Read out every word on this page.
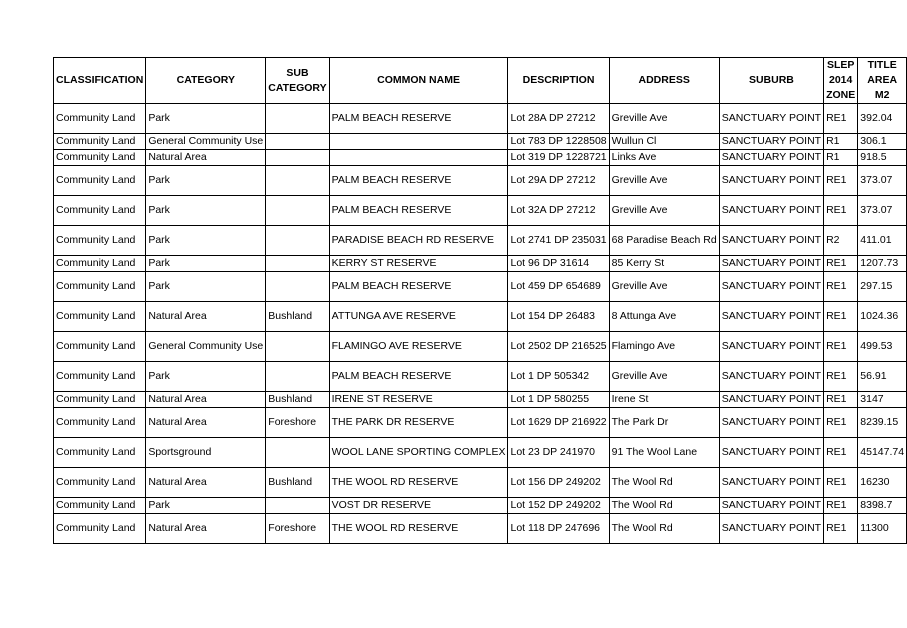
CLASSIFICATION	CATEGORY	SUB CATEGORY	COMMON NAME	DESCRIPTION	ADDRESS	SUBURB	SLEP 2014 ZONE	TITLE AREA M2
Community Land	Park		PALM BEACH RESERVE	Lot 28A DP 27212	Greville Ave	SANCTUARY POINT	RE1	392.04
Community Land	General Community Use			Lot 783 DP 1228508	Wullun Cl	SANCTUARY POINT	R1	306.1
Community Land	Natural Area			Lot 319 DP 1228721	Links Ave	SANCTUARY POINT	R1	918.5
Community Land	Park		PALM BEACH RESERVE	Lot 29A DP 27212	Greville Ave	SANCTUARY POINT	RE1	373.07
Community Land	Park		PALM BEACH RESERVE	Lot 32A DP 27212	Greville Ave	SANCTUARY POINT	RE1	373.07
Community Land	Park		PARADISE BEACH RD RESERVE	Lot 2741 DP 235031	68 Paradise Beach Rd	SANCTUARY POINT	R2	411.01
Community Land	Park		KERRY ST RESERVE	Lot 96 DP 31614	85 Kerry St	SANCTUARY POINT	RE1	1207.73
Community Land	Park		PALM BEACH RESERVE	Lot 459 DP 654689	Greville Ave	SANCTUARY POINT	RE1	297.15
Community Land	Natural Area	Bushland	ATTUNGA AVE RESERVE	Lot 154 DP 26483	8 Attunga Ave	SANCTUARY POINT	RE1	1024.36
Community Land	General Community Use		FLAMINGO AVE RESERVE	Lot 2502 DP 216525	Flamingo Ave	SANCTUARY POINT	RE1	499.53
Community Land	Park		PALM BEACH RESERVE	Lot 1 DP 505342	Greville Ave	SANCTUARY POINT	RE1	56.91
Community Land	Natural Area	Bushland	IRENE ST RESERVE	Lot 1 DP 580255	Irene St	SANCTUARY POINT	RE1	3147
Community Land	Natural Area	Foreshore	THE PARK DR RESERVE	Lot 1629 DP 216922	The Park Dr	SANCTUARY POINT	RE1	8239.15
Community Land	Sportsground		WOOL LANE SPORTING COMPLEX	Lot 23 DP 241970	91 The Wool Lane	SANCTUARY POINT	RE1	45147.74
Community Land	Natural Area	Bushland	THE WOOL RD RESERVE	Lot 156 DP 249202	The Wool Rd	SANCTUARY POINT	RE1	16230
Community Land	Park		VOST DR RESERVE	Lot 152 DP 249202	The Wool Rd	SANCTUARY POINT	RE1	8398.7
Community Land	Natural Area	Foreshore	THE WOOL RD RESERVE	Lot 118 DP 247696	The Wool Rd	SANCTUARY POINT	RE1	11300
